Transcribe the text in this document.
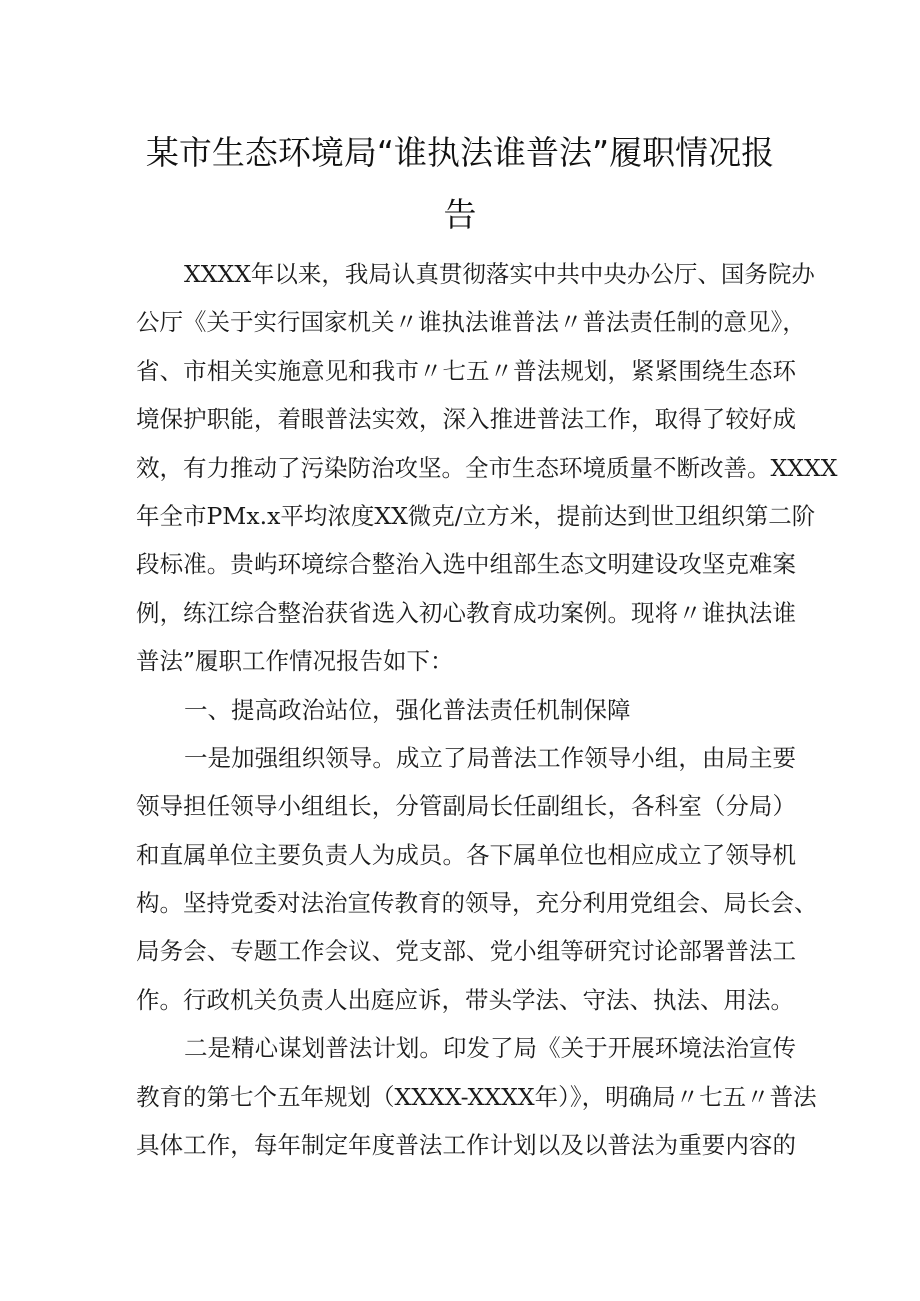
某市生态环境局“谁执法谁普法”履职情况报
告
XXXX年以来，我局认真贯彻落实中共中央办公厅、国务院办
公厅《关于实行国家机关〃谁执法谁普法〃普法责任制的意见》，
省、市相关实施意见和我市〃七五〃普法规划，紧紧围绕生态环
境保护职能，着眼普法实效，深入推进普法工作，取得了较好成
效，有力推动了污染防治攻坚。全市生态环境质量不断改善。XXXX
年全市PMx.x平均浓度XX微克/立方米，提前达到世卫组织第二阶
段标准。贵屿环境综合整治入选中组部生态文明建设攻坚克难案
例，练江综合整治获省选入初心教育成功案例。现将〃谁执法谁
普法”履职工作情况报告如下：
一、提高政治站位，强化普法责任机制保障
一是加强组织领导。成立了局普法工作领导小组，由局主要
领导担任领导小组组长，分管副局长任副组长，各科室（分局）
和直属单位主要负责人为成员。各下属单位也相应成立了领导机
构。坚持党委对法治宣传教育的领导，充分利用党组会、局长会、
局务会、专题工作会议、党支部、党小组等研究讨论部署普法工
作。行政机关负责人出庭应诉，带头学法、守法、执法、用法。
二是精心谋划普法计划。印发了局《关于开展环境法治宣传
教育的第七个五年规划（XXXX-XXXX年）》，明确局〃七五〃普法
具体工作，每年制定年度普法工作计划以及以普法为重要内容的
